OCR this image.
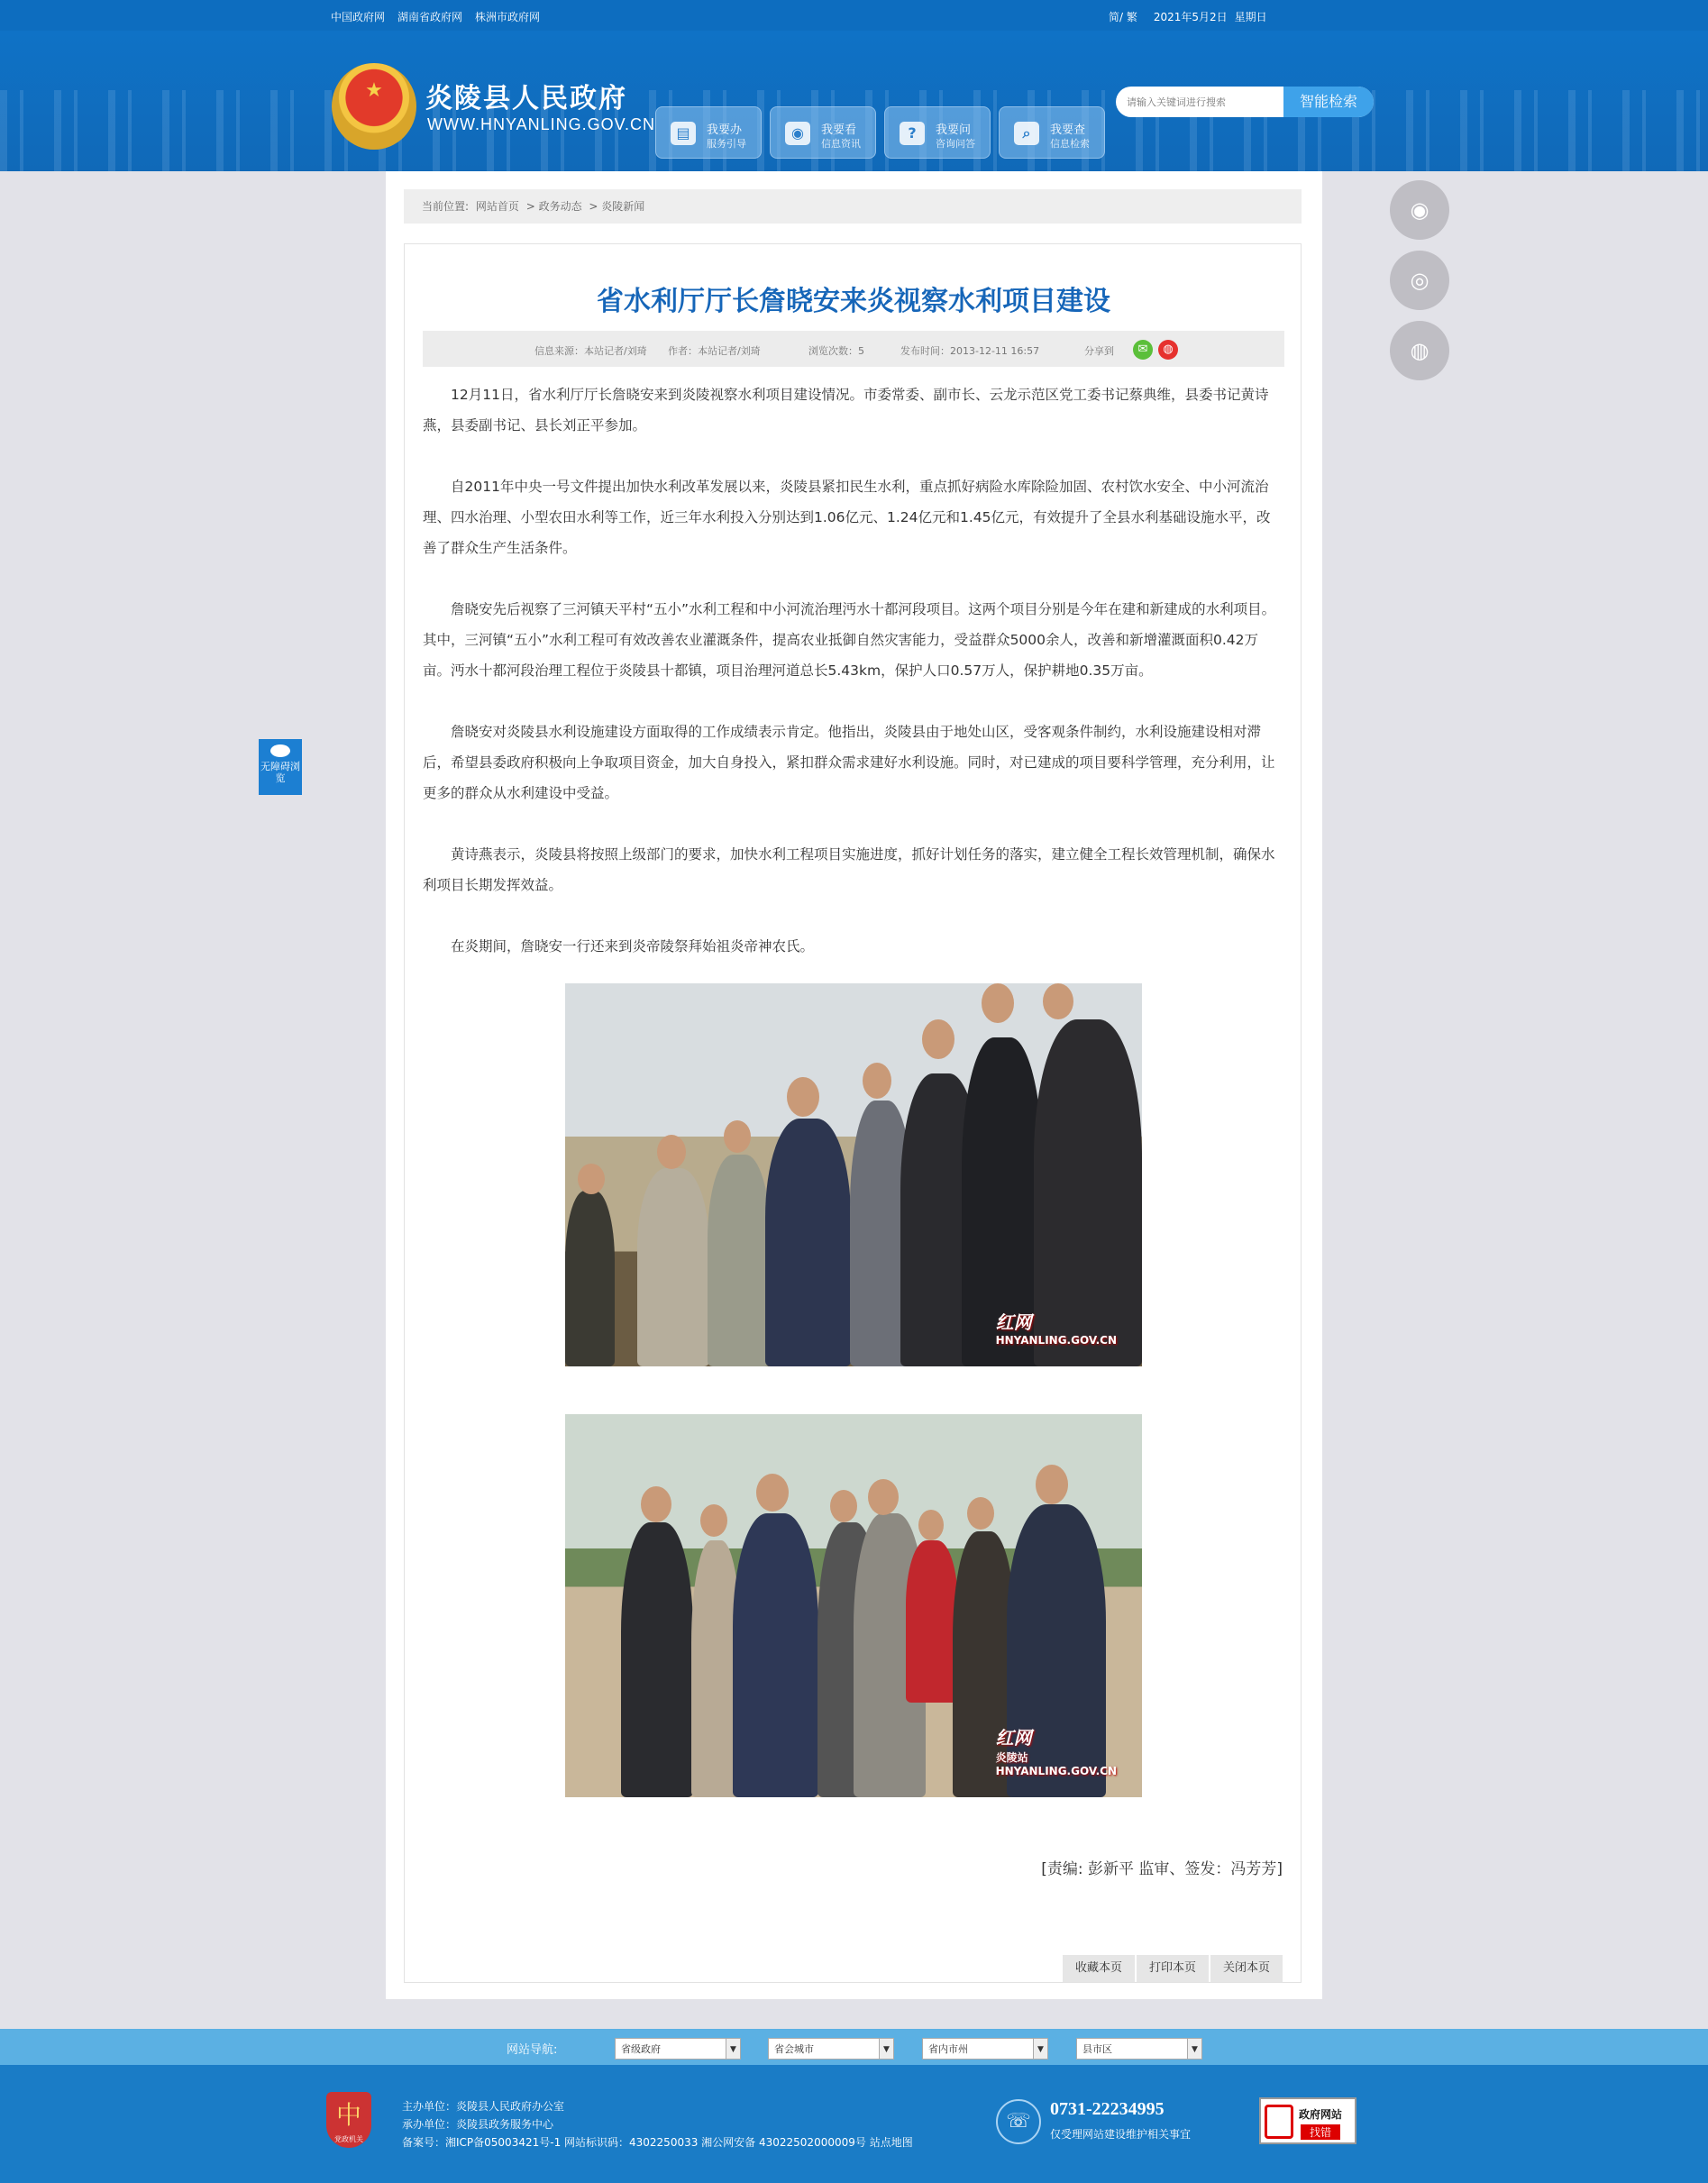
中国政府网 湖南省政府网 株洲市政府网	简/ 繁 2021年5月2日 星期日
★	炎陵县人民政府
WWW.HNYANLING.GOV.CN	▤	我要办
服务引导
◉	我要看
信息资讯
?	我要问
咨询问答
⌕	我要查
信息检索
请输入关键词进行搜索
智能检索
◉
◎
◍
无障碍浏览
当前位置: 网站首页 > 政务动态 > 炎陵新闻
省水利厅厅长詹晓安来炎视察水利项目建设
信息来源：本站记者/刘琦 作者：本站记者/刘琦	浏览次数：5	发布时间：2013-12-11 16:57	分享到	✉	◍

12月11日，省水利厅厅长詹晓安来到炎陵视察水利项目建设情况。市委常委、副市长、云龙示范区党工委书记蔡典维，县委书记黄诗燕，县委副书记、县长刘正平参加。

自2011年中央一号文件提出加快水利改革发展以来，炎陵县紧扣民生水利，重点抓好病险水库除险加固、农村饮水安全、中小河流治理、四水治理、小型农田水利等工作，近三年水利投入分别达到1.06亿元、1.24亿元和1.45亿元，有效提升了全县水利基础设施水平，改善了群众生产生活条件。

詹晓安先后视察了三河镇天平村“五小”水利工程和中小河流治理沔水十都河段项目。这两个项目分别是今年在建和新建成的水利项目。其中，三河镇“五小”水利工程可有效改善农业灌溉条件，提高农业抵御自然灾害能力，受益群众5000余人，改善和新增灌溉面积0.42万亩。沔水十都河段治理工程位于炎陵县十都镇，项目治理河道总长5.43km，保护人口0.57万人，保护耕地0.35万亩。

詹晓安对炎陵县水利设施建设方面取得的工作成绩表示肯定。他指出，炎陵县由于地处山区，受客观条件制约，水利设施建设相对滞后，希望县委政府积极向上争取项目资金，加大自身投入，紧扣群众需求建好水利设施。同时，对已建成的项目要科学管理，充分利用，让更多的群众从水利建设中受益。

黄诗燕表示，炎陵县将按照上级部门的要求，加快水利工程项目实施进度，抓好计划任务的落实，建立健全工程长效管理机制，确保水利项目长期发挥效益。

在炎期间，詹晓安一行还来到炎帝陵祭拜始祖炎帝神农氏。

红网
HNYANLING.GOV.CN
红网
炎陵站
HNYANLING.GOV.CN
[责编: 彭新平 监审、签发：冯芳芳]
收藏本页	打印本页	关闭本页
网站导航:	省级政府	▼	省会城市	▼	省内市州	▼	县市区	▼
中
党政机关
主办单位：炎陵县人民政府办公室
承办单位：炎陵县政务服务中心
备案号：湘ICP备05003421号-1 网站标识码：4302250033 湘公网安备 43022502000009号 站点地图
☏
0731-22234995
仅受理网站建设维护相关事宜
政府网站
找错
